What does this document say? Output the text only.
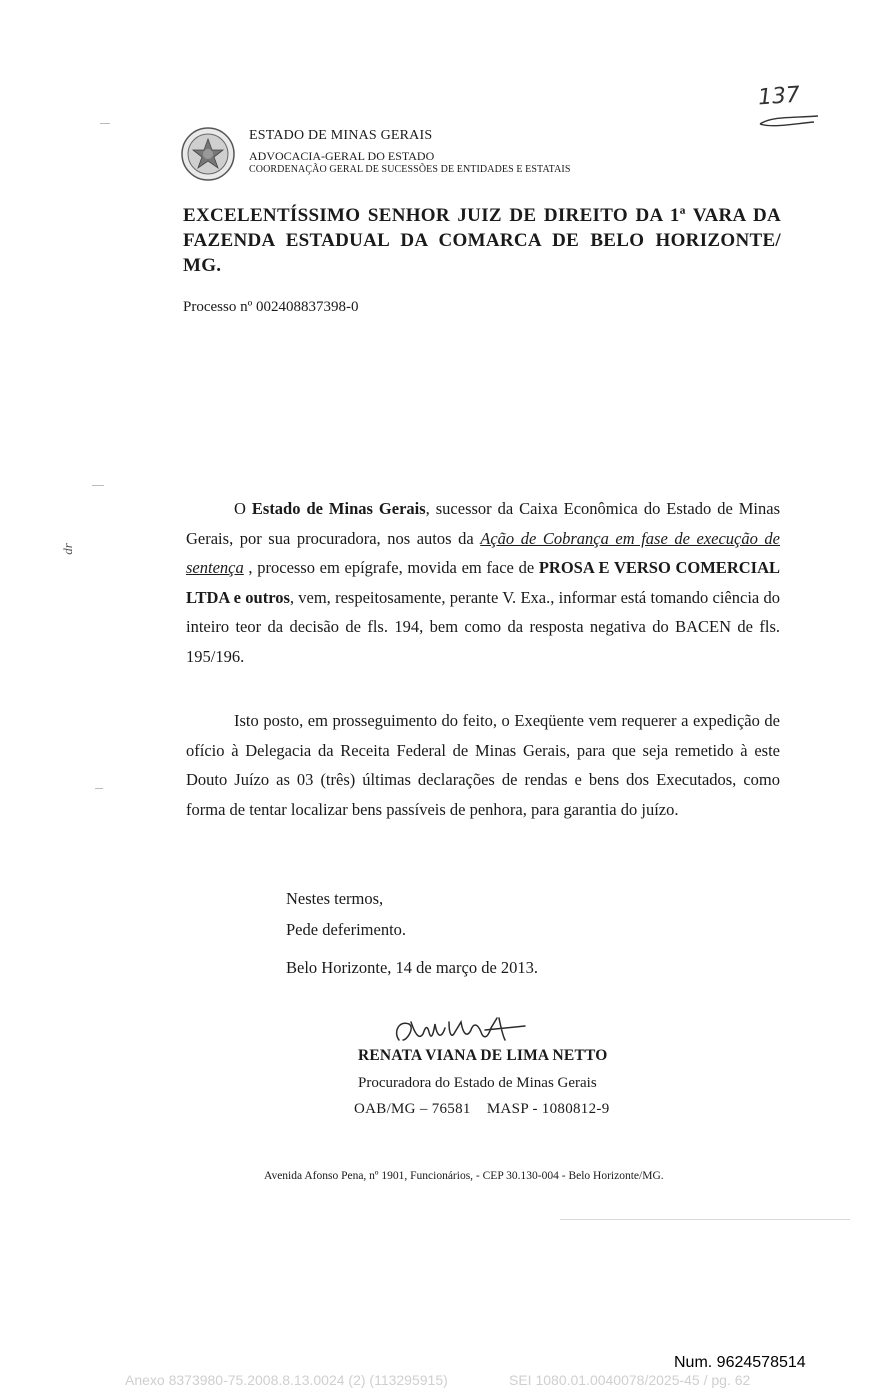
137
ESTADO DE MINAS GERAIS
ADVOCACIA-GERAL DO ESTADO
COORDENAÇÃO GERAL DE SUCESSÕES DE ENTIDADES E ESTATAIS
EXCELENTÍSSIMO SENHOR JUIZ DE DIREITO DA 1ª VARA DA FAZENDA ESTADUAL DA COMARCA DE BELO HORIZONTE/ MG.
Processo nº 002408837398-0
dr
O Estado de Minas Gerais, sucessor da Caixa Econômica do Estado de Minas Gerais, por sua procuradora, nos autos da Ação de Cobrança em fase de execução de sentença , processo em epígrafe, movida em face de PROSA E VERSO COMERCIAL LTDA e outros, vem, respeitosamente, perante V. Exa., informar está tomando ciência do inteiro teor da decisão de fls. 194, bem como da resposta negativa do BACEN de fls. 195/196.
Isto posto, em prosseguimento do feito, o Exeqüente vem requerer a expedição de ofício à Delegacia da Receita Federal de Minas Gerais, para que seja remetido à este Douto Juízo as 03 (três) últimas declarações de rendas e bens dos Executados, como forma de tentar localizar bens passíveis de penhora, para garantia do juízo.
Nestes termos,
Pede deferimento.
Belo Horizonte, 14 de março de 2013.
RENATA VIANA DE LIMA NETTO
Procuradora do Estado de Minas Gerais
OAB/MG – 76581    MASP - 1080812-9
Avenida Afonso Pena, nº 1901, Funcionários, - CEP 30.130-004 - Belo Horizonte/MG.
Num. 9624578514
Anexo 8373980-75.2008.8.13.0024 (2) (113295915)	SEI 1080.01.0040078/2025-45 / pg. 62
